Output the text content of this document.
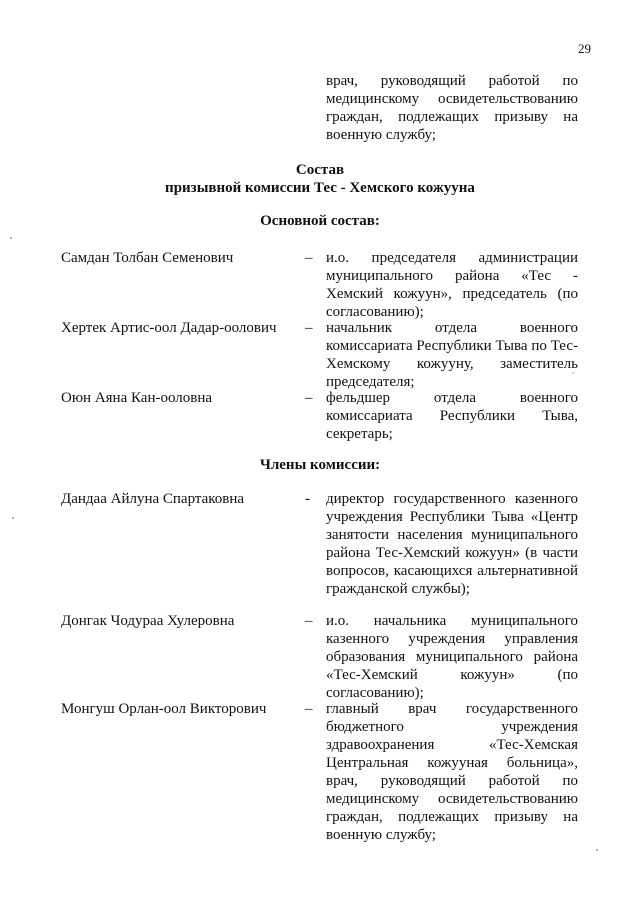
29
врач, руководящий работой по медицинскому освидетельствованию граждан, подлежащих призыву на военную службу;
Состав
призывной комиссии Тес - Хемского кожууна
Основной состав:
Самдан Толбан Семенович	– и.о. председателя администрации муниципального района «Тес - Хемский кожуун», председатель (по согласованию);
Хертек Артис-оол Дадар-оолович – начальник отдела военного комиссариата Республики Тыва по Тес-Хемскому кожууну, заместитель председателя;
Оюн Аяна Кан-ооловна	– фельдшер отдела военного комиссариата Республики Тыва, секретарь;
Члены комиссии:
Дандаа Айлуна Спартаковна	- директор государственного казенного учреждения Республики Тыва «Центр занятости населения муниципального района Тес-Хемский кожуун» (в части вопросов, касающихся альтернативной гражданской службы);
Донгак Чодураа Хулеровна	– и.о. начальника муниципального казенного учреждения управления образования муниципального района «Тес-Хемский кожуун» (по согласованию);
Монгуш Орлан-оол Викторович	– главный врач государственного бюджетного учреждения здравоохранения «Тес-Хемская Центральная кожууная больница», врач, руководящий работой по медицинскому освидетельствованию граждан, подлежащих призыву на военную службу;
